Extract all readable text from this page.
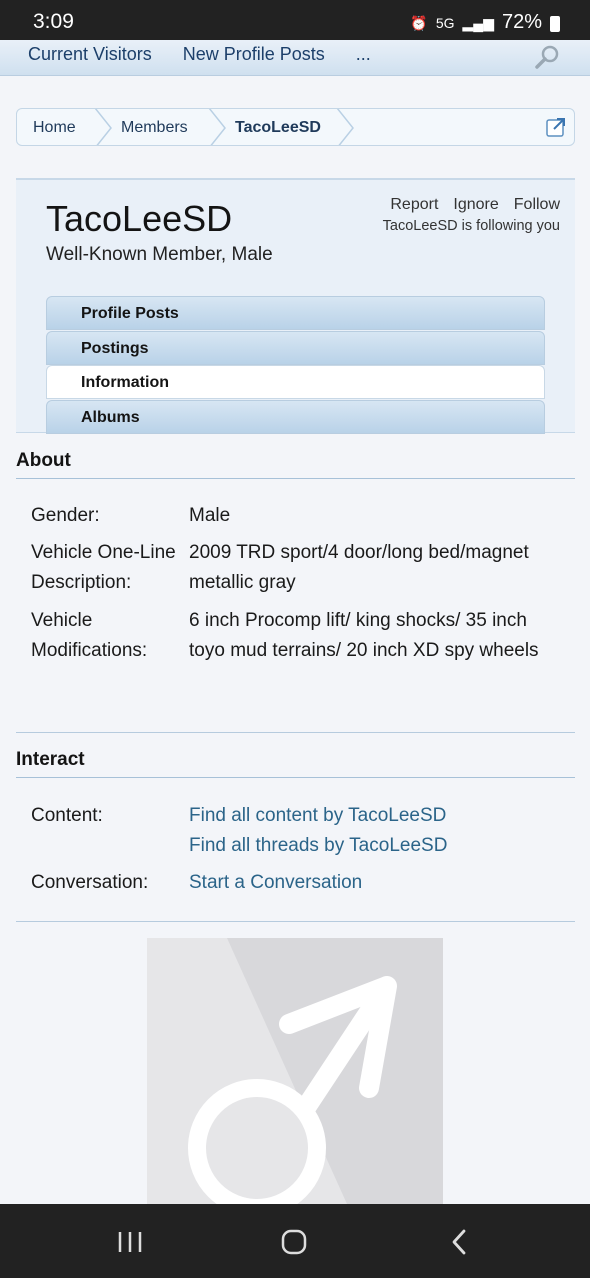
3:09	⏰ 5G ▂▄▆ 72%
Current Visitors New Profile Posts ...
Home	Members	TacoLeeSD
TacoLeeSD
Well-Known Member, Male
Report Ignore Follow
TacoLeeSD is following you
Profile Posts
Postings
Information
Albums
About
Gender:	Male
Vehicle One-Line Description:
2009 TRD sport/4 door/long bed/magnet metallic gray
Vehicle Modifications:
6 inch Procomp lift/ king shocks/ 35 inch toyo mud terrains/ 20 inch XD spy wheels
Interact
Content:	Find all content by TacoLeeSD
Find all threads by TacoLeeSD
Conversation:	Start a Conversation
